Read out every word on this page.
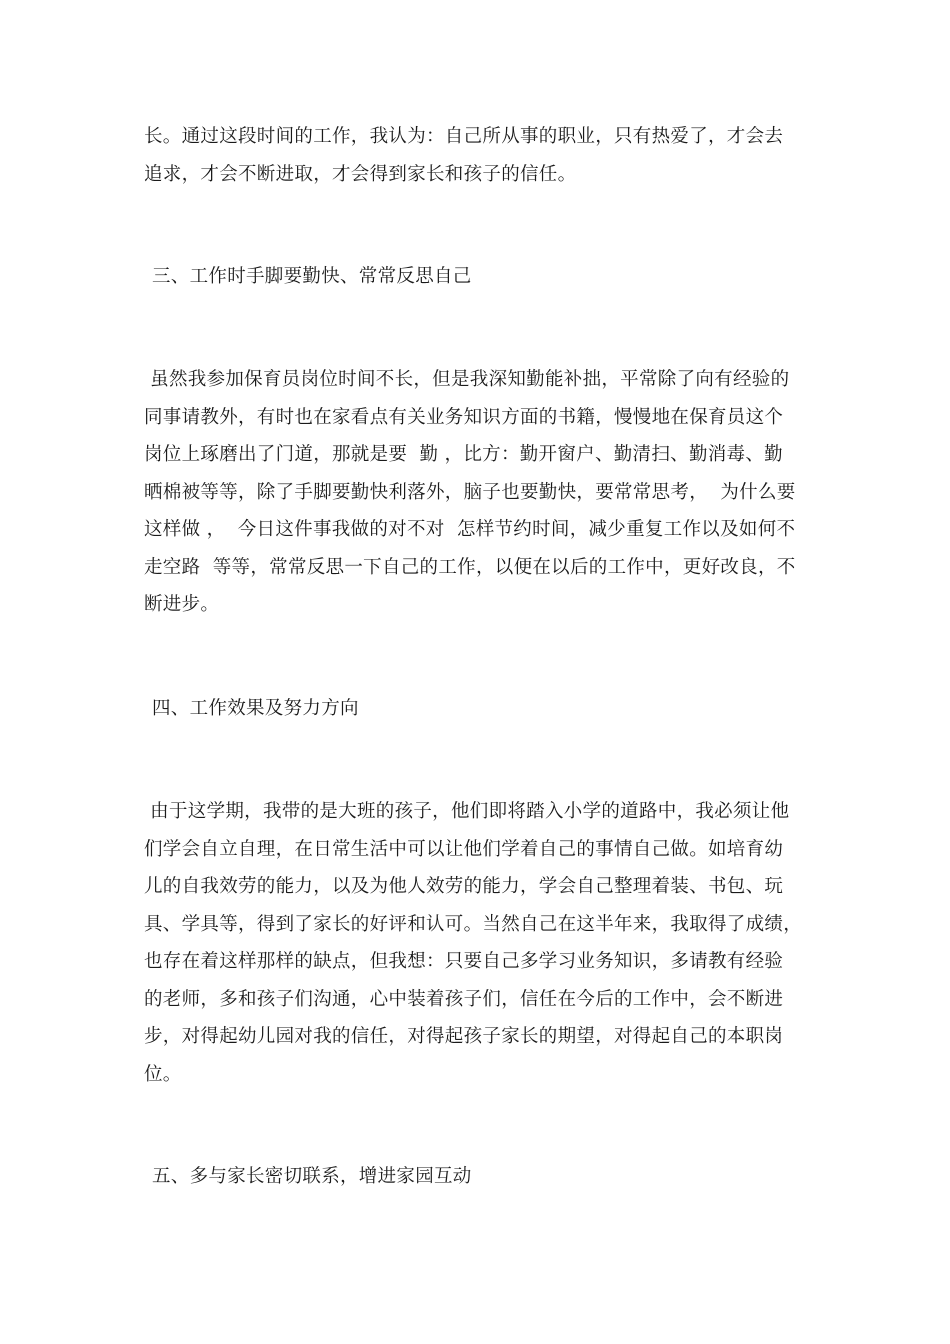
长。通过这段时间的工作，我认为：自己所从事的职业，只有热爱了，才会去
追求，才会不断进取，才会得到家长和孩子的信任。
三、工作时手脚要勤快、常常反思自己
虽然我参加保育员岗位时间不长，但是我深知勤能补拙，平常除了向有经验的
同事请教外，有时也在家看点有关业务知识方面的书籍，慢慢地在保育员这个
岗位上琢磨出了门道，那就是要  勤 ，比方：勤开窗户、勤清扫、勤消毒、勤
晒棉被等等，除了手脚要勤快利落外，脑子也要勤快，要常常思考，  为什么要
这样做 ，  今日这件事我做的对不对  怎样节约时间，减少重复工作以及如何不
走空路  等等，常常反思一下自己的工作，以便在以后的工作中，更好改良，不
断进步。
四、工作效果及努力方向
由于这学期，我带的是大班的孩子，他们即将踏入小学的道路中，我必须让他
们学会自立自理，在日常生活中可以让他们学着自己的事情自己做。如培育幼
儿的自我效劳的能力，以及为他人效劳的能力，学会自己整理着装、书包、玩
具、学具等，得到了家长的好评和认可。当然自己在这半年来，我取得了成绩，
也存在着这样那样的缺点，但我想：只要自己多学习业务知识，多请教有经验
的老师，多和孩子们沟通，心中装着孩子们，信任在今后的工作中，会不断进
步，对得起幼儿园对我的信任，对得起孩子家长的期望，对得起自己的本职岗
位。
五、多与家长密切联系，增进家园互动
